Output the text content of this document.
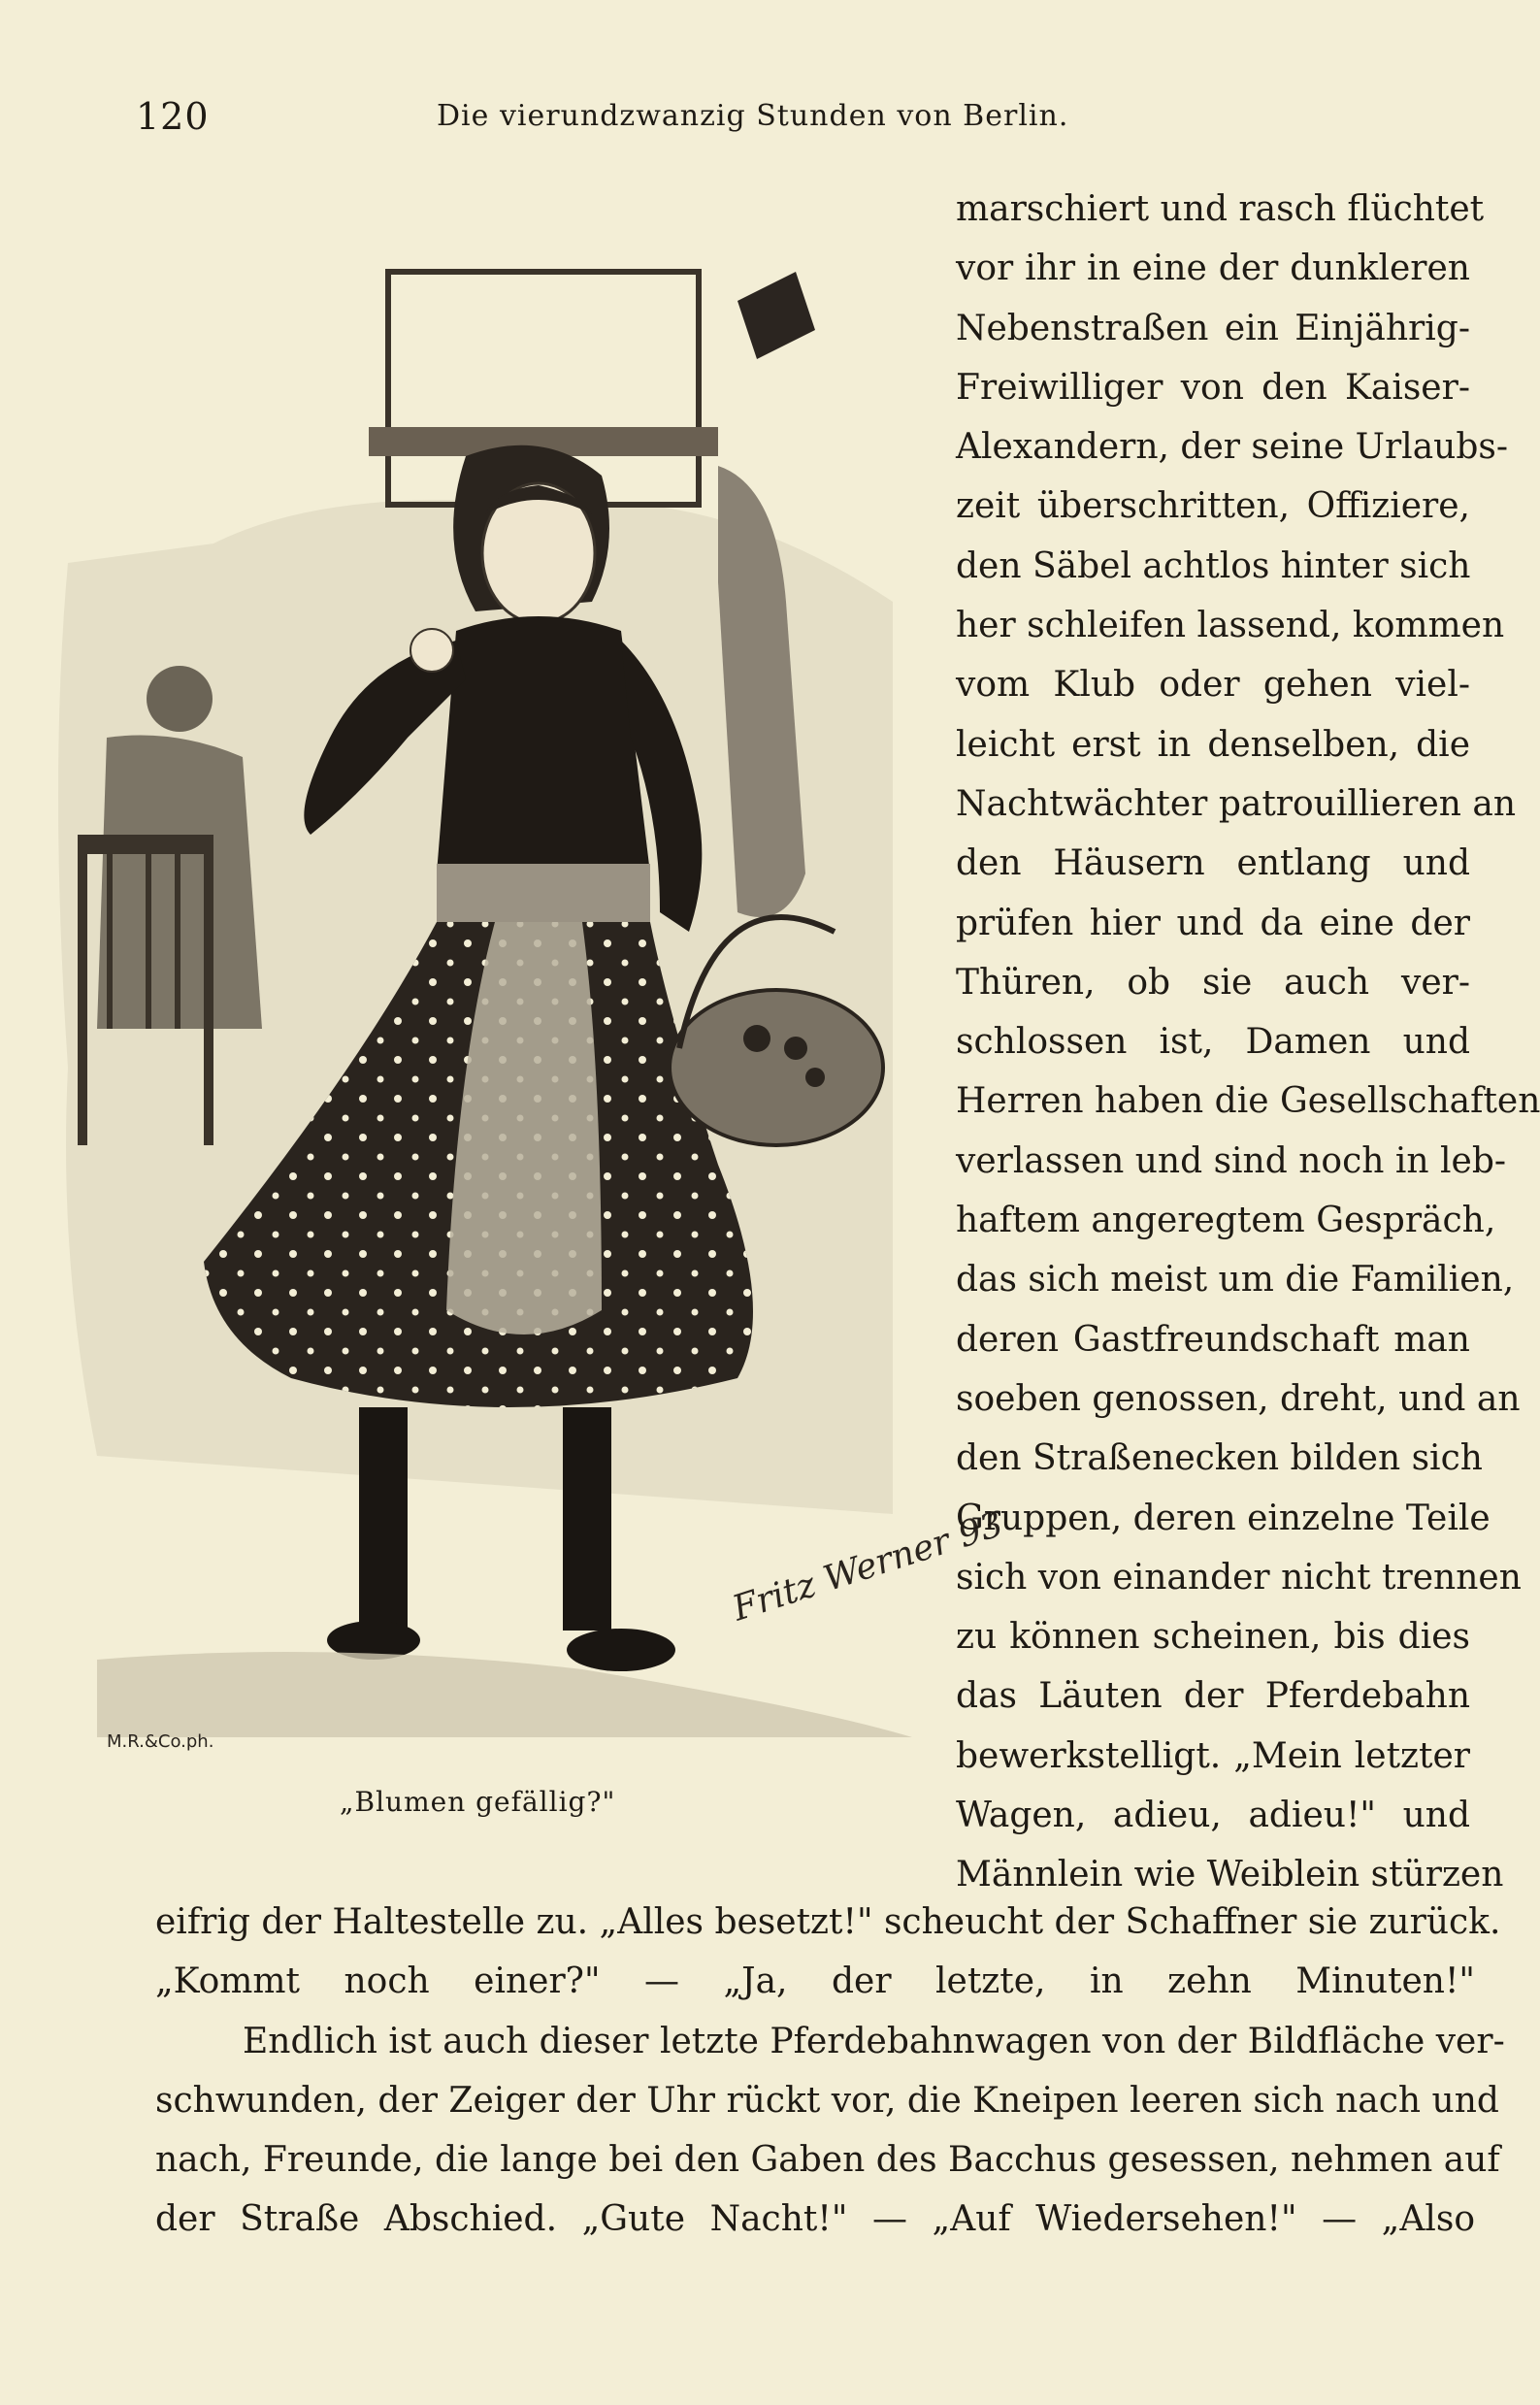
120	Die vierundzwanzig Stunden von Berlin.
Fritz Werner 93
M.R.&Co.ph.
„Blumen gefällig?"
marschiert und rasch flüchtet
vor ihr in eine der dunkleren
Nebenstraßen ein Einjährig-
Freiwilliger von den Kaiser-
Alexandern, der seine Urlaubs-
zeit überschritten, Offiziere,
den Säbel achtlos hinter sich
her schleifen lassend, kommen
vom Klub oder gehen viel-
leicht erst in denselben, die
Nachtwächter patrouillieren an
den Häusern entlang und
prüfen hier und da eine der
Thüren, ob sie auch ver-
schlossen ist, Damen und
Herren haben die Gesellschaften
verlassen und sind noch in leb-
haftem angeregtem Gespräch,
das sich meist um die Familien,
deren Gastfreundschaft man
soeben genossen, dreht, und an
den Straßenecken bilden sich
Gruppen, deren einzelne Teile
sich von einander nicht trennen
zu können scheinen, bis dies
das Läuten der Pferdebahn
bewerkstelligt. „Mein letzter
Wagen, adieu, adieu!" und
Männlein wie Weiblein stürzen
eifrig der Haltestelle zu. „Alles besetzt!" scheucht der Schaffner sie zurück.
„Kommt noch einer?" — „Ja, der letzte, in zehn Minuten!"
Endlich ist auch dieser letzte Pferdebahnwagen von der Bildfläche ver-
schwunden, der Zeiger der Uhr rückt vor, die Kneipen leeren sich nach und
nach, Freunde, die lange bei den Gaben des Bacchus gesessen, nehmen auf
der Straße Abschied. „Gute Nacht!" — „Auf Wiedersehen!" — „Also
